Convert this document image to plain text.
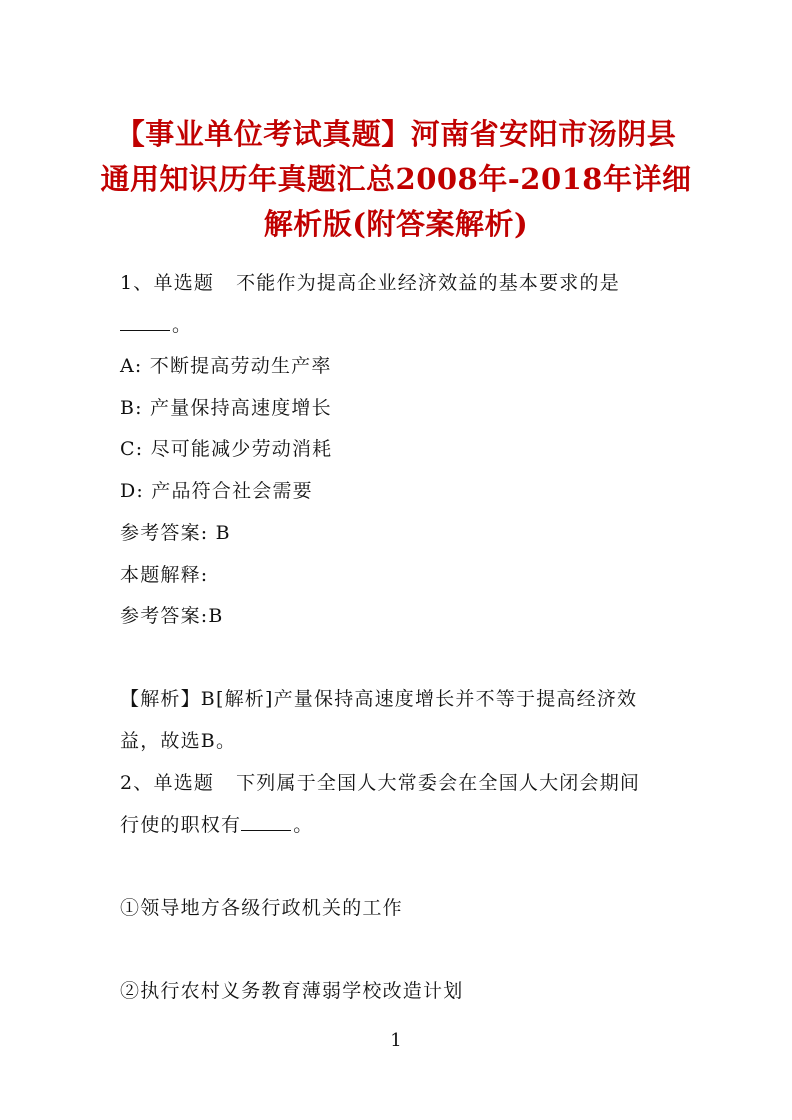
【事业单位考试真题】河南省安阳市汤阴县
通用知识历年真题汇总2008年-2018年详细
解析版(附答案解析)
1、单选题 不能作为提高企业经济效益的基本要求的是
。
A: 不断提高劳动生产率
B: 产量保持高速度增长
C: 尽可能减少劳动消耗
D: 产品符合社会需要
参考答案: B
本题解释:
参考答案:B
【解析】B[解析]产量保持高速度增长并不等于提高经济效
益，故选B。
2、单选题 下列属于全国人大常委会在全国人大闭会期间
行使的职权有	。
①领导地方各级行政机关的工作
②执行农村义务教育薄弱学校改造计划
1
